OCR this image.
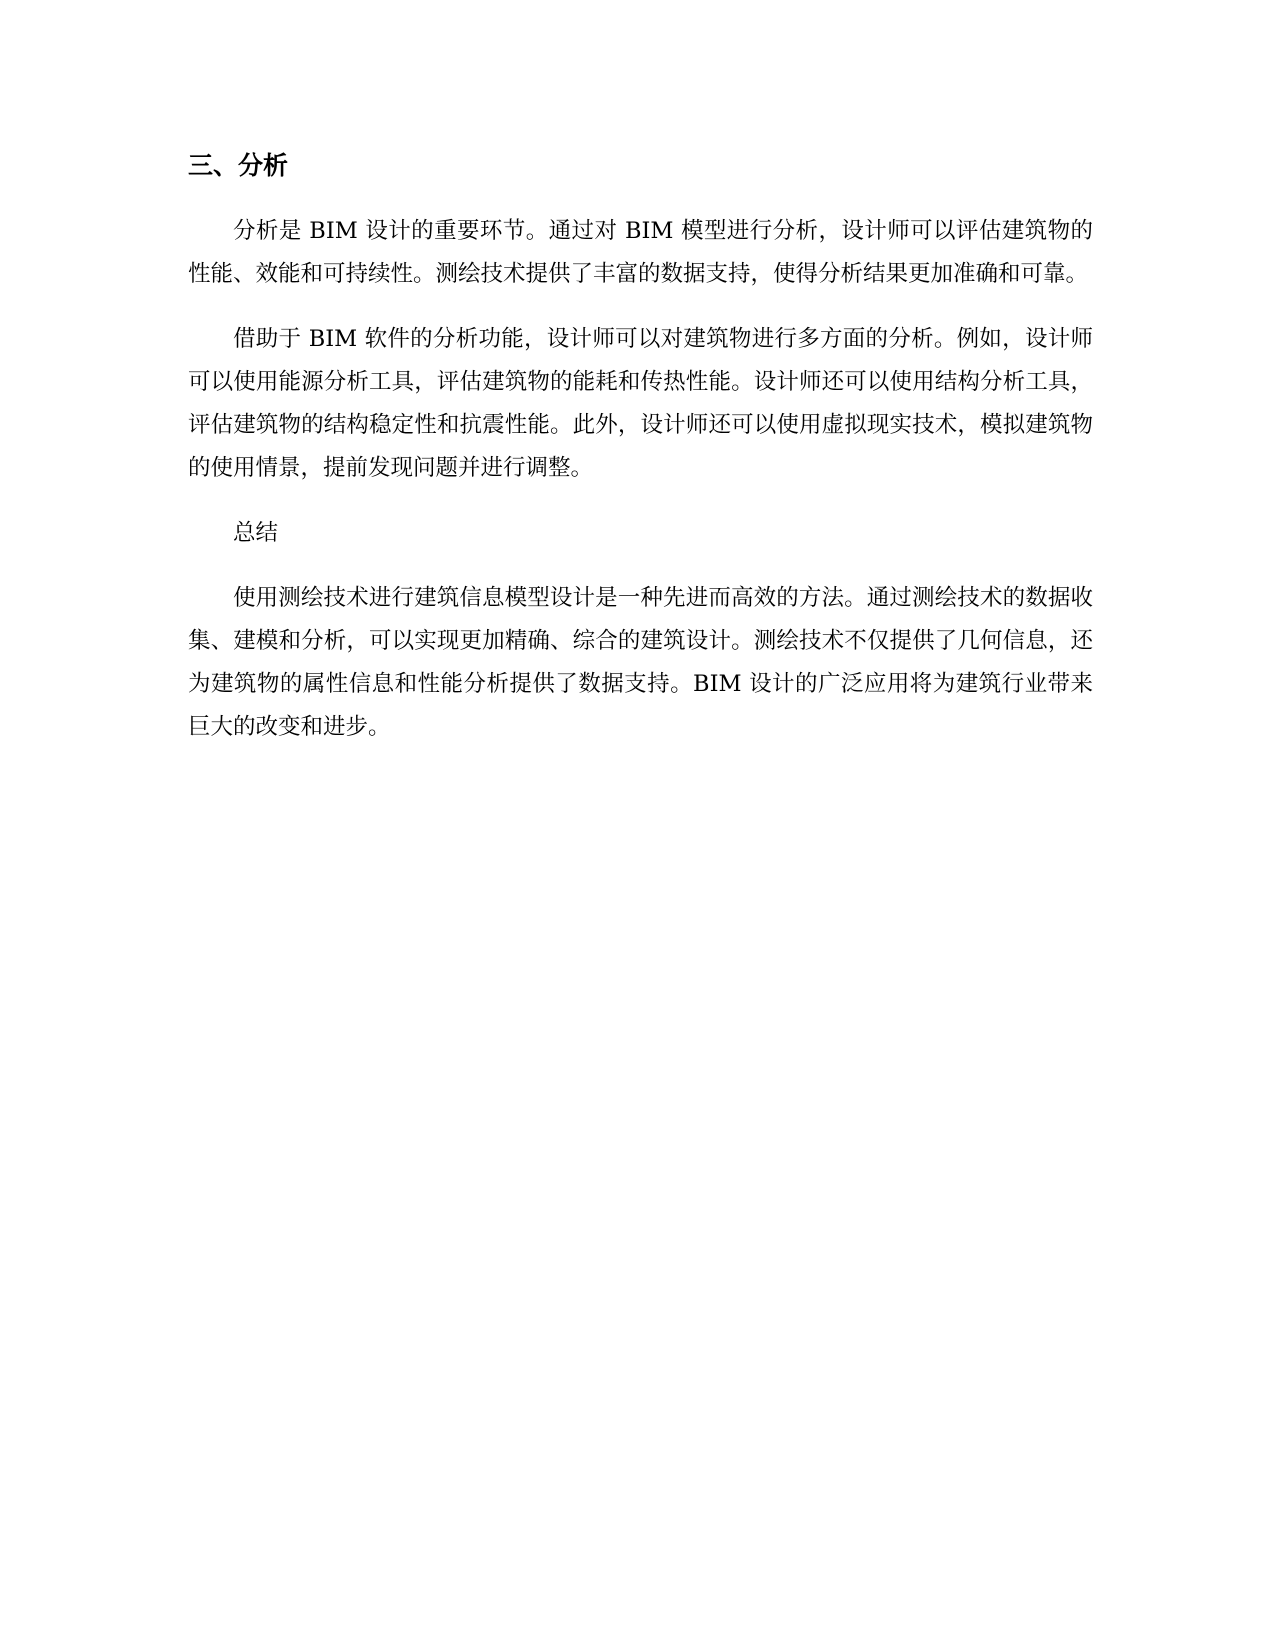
三、分析

分析是 BIM 设计的重要环节。通过对 BIM 模型进行分析，设计师可以评估建筑物的性能、效能和可持续性。测绘技术提供了丰富的数据支持，使得分析结果更加准确和可靠。

借助于 BIM 软件的分析功能，设计师可以对建筑物进行多方面的分析。例如，设计师可以使用能源分析工具，评估建筑物的能耗和传热性能。设计师还可以使用结构分析工具，评估建筑物的结构稳定性和抗震性能。此外，设计师还可以使用虚拟现实技术，模拟建筑物的使用情景，提前发现问题并进行调整。

总结

使用测绘技术进行建筑信息模型设计是一种先进而高效的方法。通过测绘技术的数据收集、建模和分析，可以实现更加精确、综合的建筑设计。测绘技术不仅提供了几何信息，还为建筑物的属性信息和性能分析提供了数据支持。BIM 设计的广泛应用将为建筑行业带来巨大的改变和进步。
